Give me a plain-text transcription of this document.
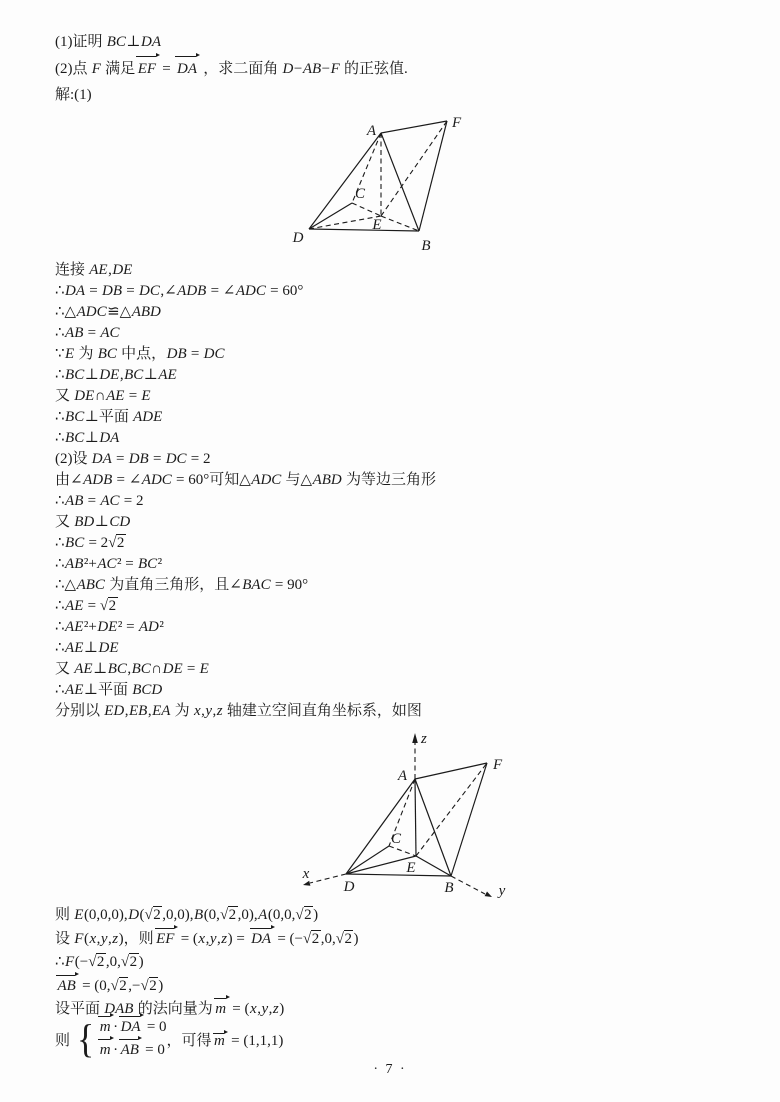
(1)证明 BC⊥DA
(2)点 F 满足 EF = DA ，求二面角 D−AB−F 的正弦值.
解:(1)
A	F
D	B
C
E
连接 AE,DE
∴DA = DB = DC,∠ADB = ∠ADC = 60°
∴△ADC≌△ABD
∴AB = AC
∵E 为 BC 中点，DB = DC
∴BC⊥DE,BC⊥AE
又 DE∩AE = E
∴BC⊥平面 ADE
∴BC⊥DA
(2)设 DA = DB = DC = 2
由∠ADB = ∠ADC = 60°可知△ADC 与△ABD 为等边三角形
∴AB = AC = 2
又 BD⊥CD
∴BC = 2√2
∴AB²+AC² = BC²
∴△ABC 为直角三角形，且∠BAC = 90°
∴AE = √2
∴AE²+DE² = AD²
∴AE⊥DE
又 AE⊥BC,BC∩DE = E
∴AE⊥平面 BCD
分别以 ED,EB,EA 为 x,y,z 轴建立空间直角坐标系，如图
A
F
C
E
D	B
x
y
z
则 E(0,0,0),D(√2 ,0,0),B(0,√2 ,0),A(0,0,√2 )
设 F(x,y,z)，则 EF = (x,y,z) = DA = (−√2 ,0,√2 )
∴F(−√2 ,0,√2 )
AB = (0,√2 ,−√2 )
设平面 DAB 的法向量为 m = (x,y,z)
则 { m · DA = 0
m · AB = 0
，可得 m = (1,1,1)
· 7 ·
